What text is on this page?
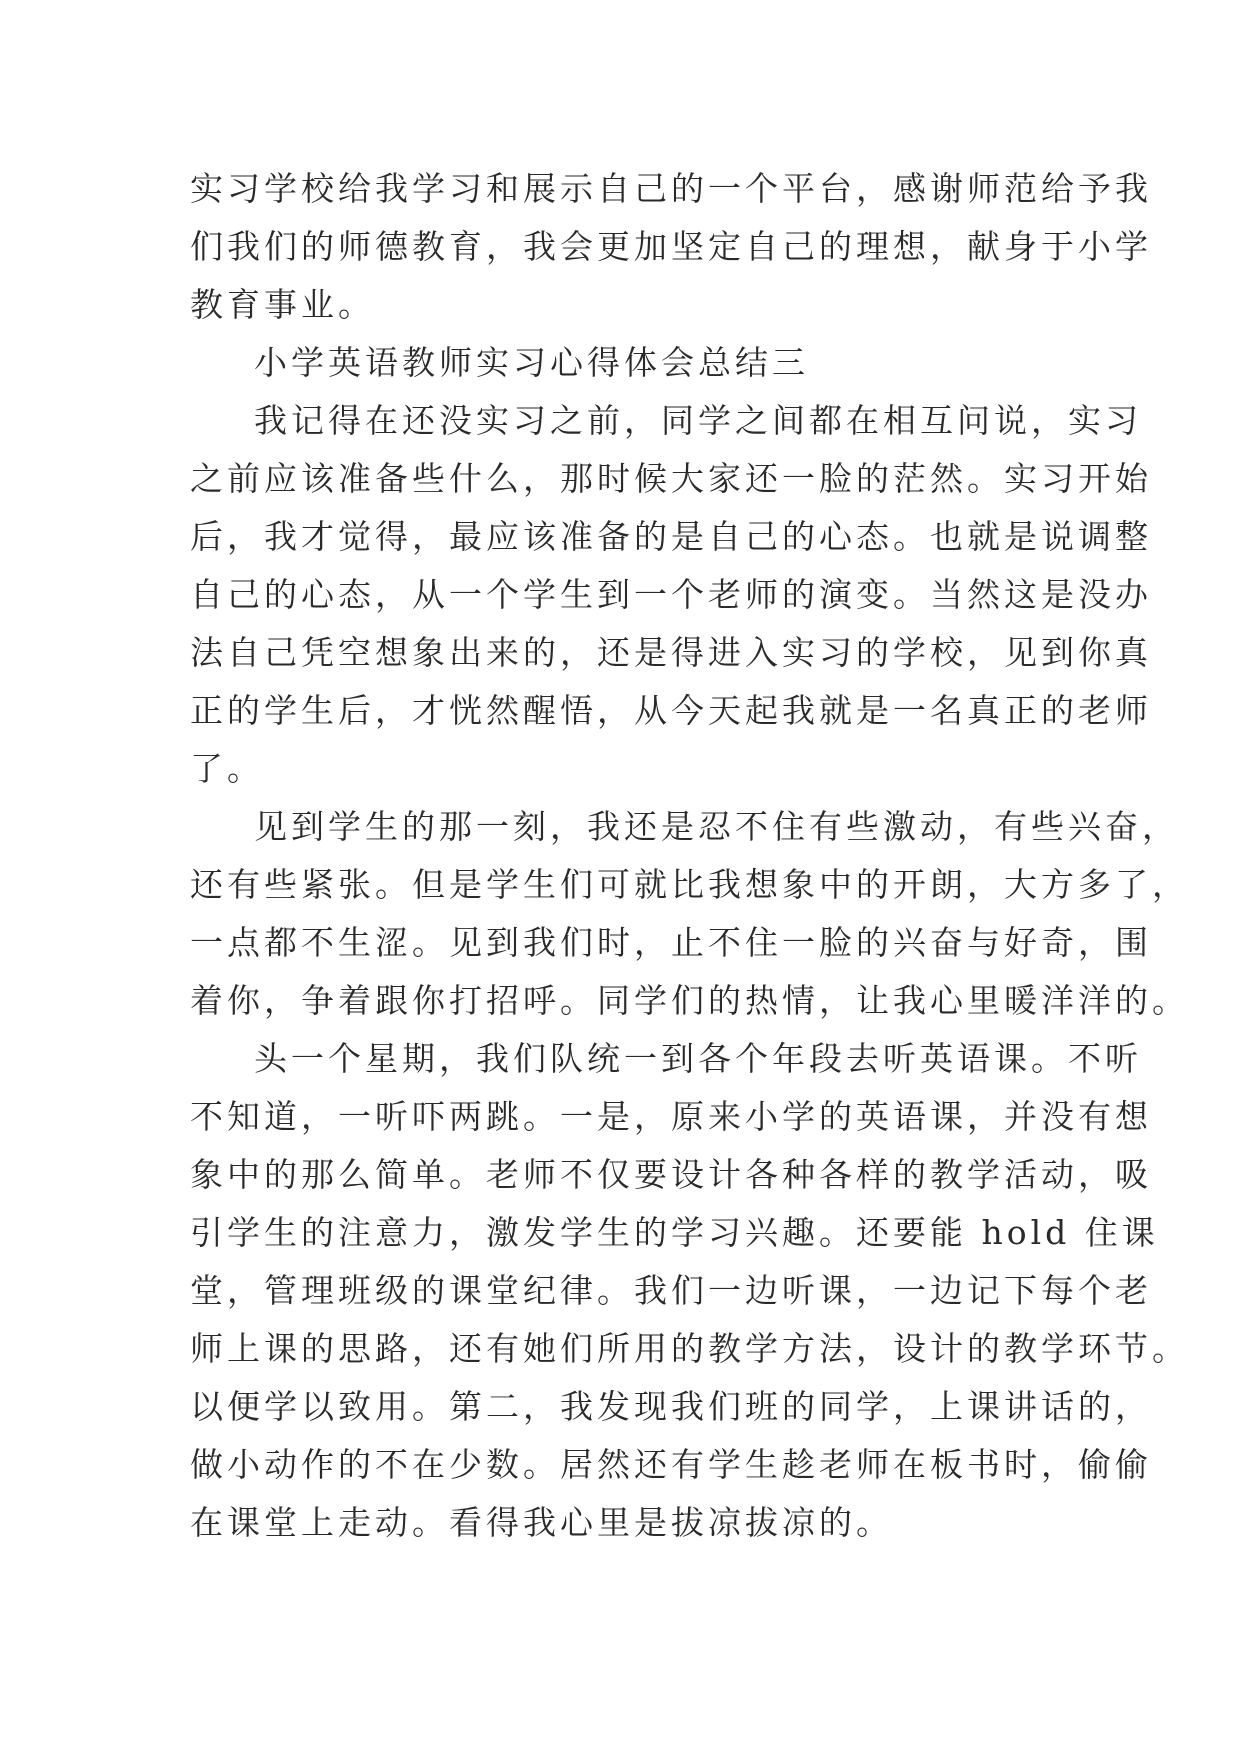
实习学校给我学习和展示自己的一个平台，感谢师范给予我
们我们的师德教育，我会更加坚定自己的理想，献身于小学
教育事业。
小学英语教师实习心得体会总结三
我记得在还没实习之前，同学之间都在相互问说，实习
之前应该准备些什么，那时候大家还一脸的茫然。实习开始
后，我才觉得，最应该准备的是自己的心态。也就是说调整
自己的心态，从一个学生到一个老师的演变。当然这是没办
法自己凭空想象出来的，还是得进入实习的学校，见到你真
正的学生后，才恍然醒悟，从今天起我就是一名真正的老师
了。
见到学生的那一刻，我还是忍不住有些激动，有些兴奋，
还有些紧张。但是学生们可就比我想象中的开朗，大方多了，
一点都不生涩。见到我们时，止不住一脸的兴奋与好奇，围
着你，争着跟你打招呼。同学们的热情，让我心里暖洋洋的。
头一个星期，我们队统一到各个年段去听英语课。不听
不知道，一听吓两跳。一是，原来小学的英语课，并没有想
象中的那么简单。老师不仅要设计各种各样的教学活动，吸
引学生的注意力，激发学生的学习兴趣。还要能 hold 住课
堂，管理班级的课堂纪律。我们一边听课，一边记下每个老
师上课的思路，还有她们所用的教学方法，设计的教学环节。
以便学以致用。第二，我发现我们班的同学，上课讲话的，
做小动作的不在少数。居然还有学生趁老师在板书时，偷偷
在课堂上走动。看得我心里是拔凉拔凉的。
